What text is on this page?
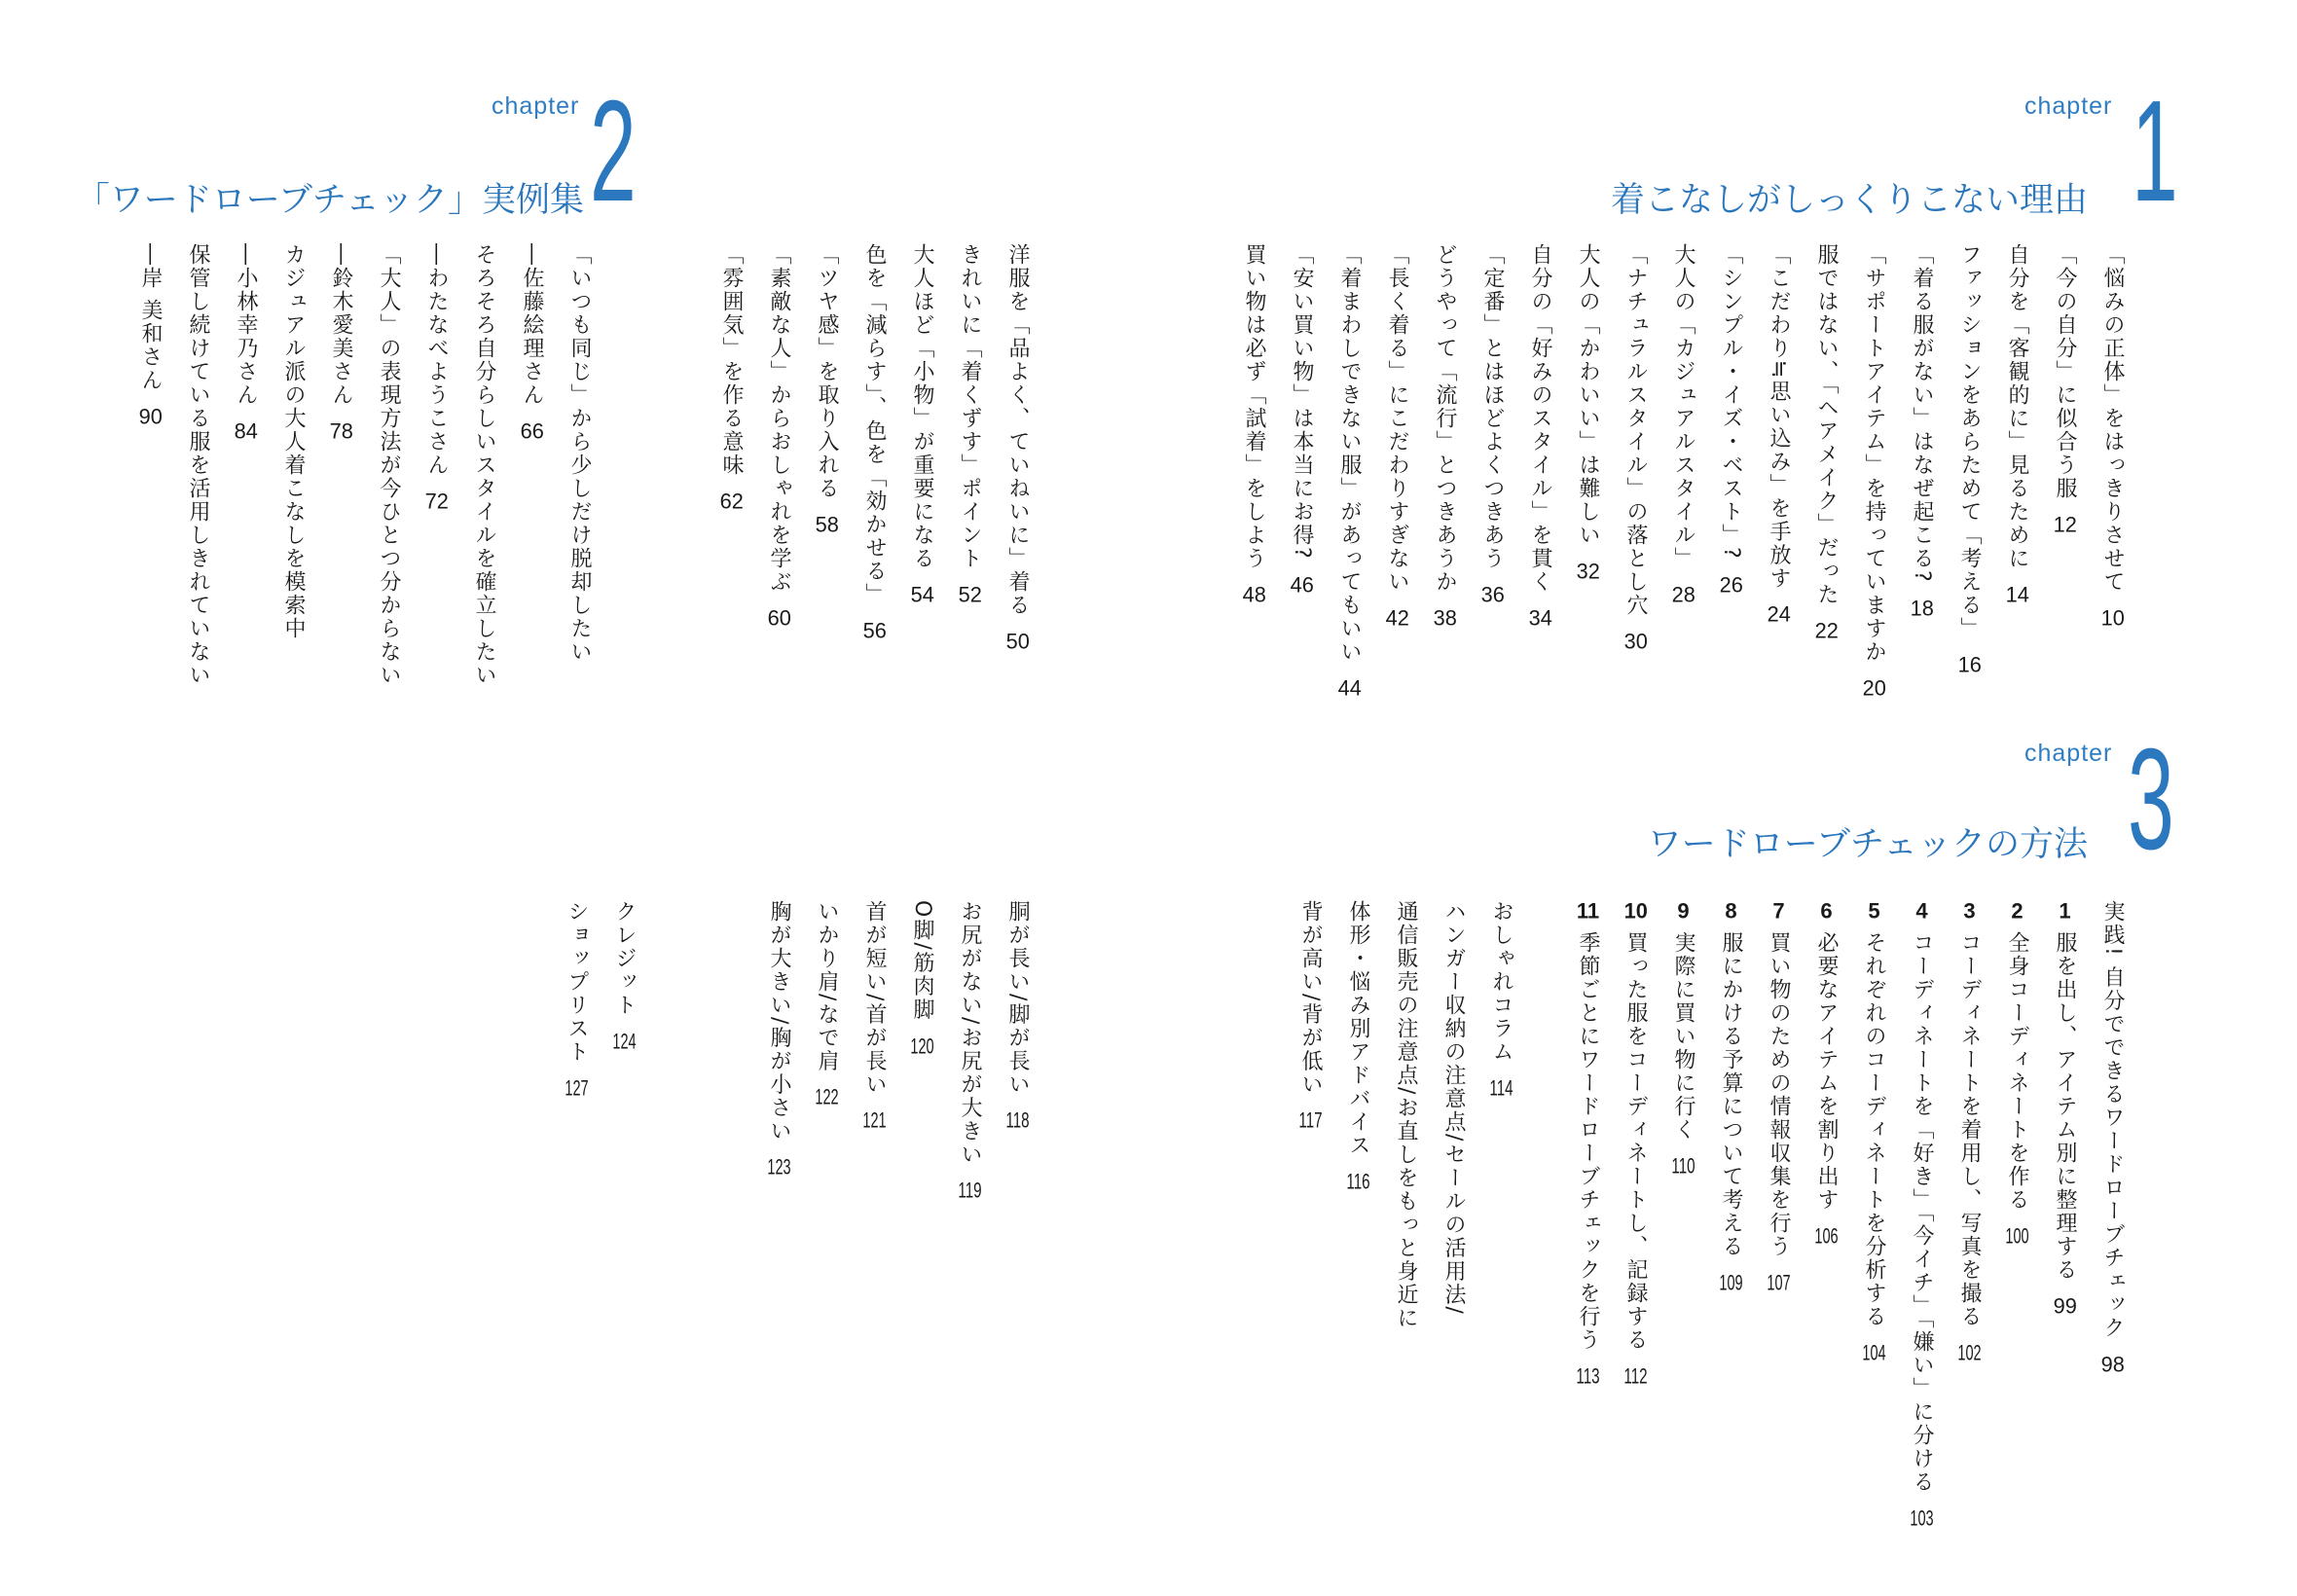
chapter 1
着こなしがしっくりこない理由
「悩みの正体」をはっきりさせて10
「今の自分」に似合う服12
自分を「客観的に」見るために14
ファッションをあらためて「考える」16
「着る服がない」はなぜ起こる?18
「サポートアイテム」を持っていますか20
服ではない、「ヘアメイク」だった22
「こだわり≒思い込み」を手放す24
「シンプル・イズ・ベスト」?26
大人の「カジュアルスタイル」28
「ナチュラルスタイル」の落とし穴30
大人の「かわいい」は難しい32
自分の「好みのスタイル」を貫く34
「定番」とはほどよくつきあう36
どうやって「流行」とつきあうか38
「長く着る」にこだわりすぎない42
「着まわしできない服」があってもいい44
「安い買い物」は本当にお得?46
買い物は必ず「試着」をしよう48
chapter 3
ワードローブチェックの方法
実践! 自分でできるワードローブチェック98
1服を出し、アイテム別に整理する99
2全身コーディネートを作る100
3コーディネートを着用し、写真を撮る102
4コーディネートを「好き」「今イチ」「嫌い」に分ける103
5それぞれのコーディネートを分析する104
6必要なアイテムを割り出す106
7買い物のための情報収集を行う107
8服にかける予算について考える109
9実際に買い物に行く110
10買った服をコーディネートし、記録する112
11季節ごとにワードローブチェックを行う113
おしゃれコラム114
ハンガー収納の注意点/セールの活用法/
通信販売の注意点/お直しをもっと身近に
体形・悩み別アドバイス116
背が高い/背が低い117
chapter 2
「ワードローブチェック」実例集
洋服を「品よく、ていねいに」着る50
きれいに「着くずす」ポイント52
大人ほど「小物」が重要になる54
色を「減らす」、色を「効かせる」56
「ツヤ感」を取り入れる58
「素敵な人」からおしゃれを学ぶ60
「雰囲気」を作る意味62
「いつも同じ」から少しだけ脱却したい
―佐藤絵理さん66
そろそろ自分らしいスタイルを確立したい
―わたなべようこさん72
「大人」の表現方法が今ひとつ分からない
―鈴木愛美さん78
カジュアル派の大人着こなしを模索中
―小林幸乃さん84
保管し続けている服を活用しきれていない
―岸 美和さん90
胴が長い/脚が長い118
お尻がない/お尻が大きい119
O脚/筋肉脚120
首が短い/首が長い121
いかり肩/なで肩122
胸が大きい/胸が小さい123
クレジット124
ショップリスト127
